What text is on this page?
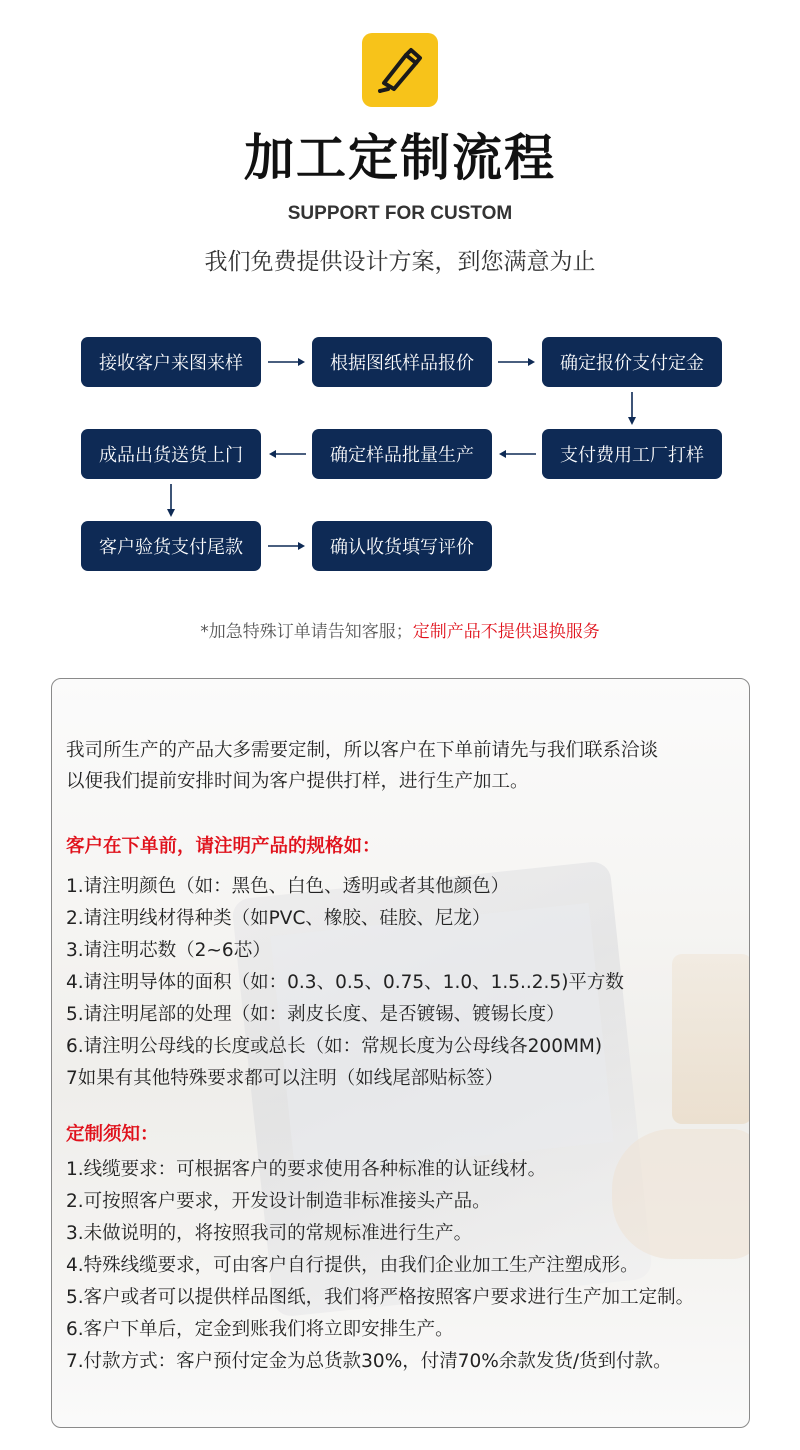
加工定制流程
SUPPORT FOR CUSTOM
我们免费提供设计方案，到您满意为止
接收客户来图来样	根据图纸样品报价	确定报价支付定金
支付费用工厂打样
确定样品批量生产
成品出货送货上门
客户验货支付尾款	确认收货填写评价
*加急特殊订单请告知客服；定制产品不提供退换服务
我司所生产的产品大多需要定制，所以客户在下单前请先与我们联系洽谈
以便我们提前安排时间为客户提供打样，进行生产加工。
客户在下单前，请注明产品的规格如：
1.请注明颜色（如：黑色、白色、透明或者其他颜色）
2.请注明线材得种类（如PVC、橡胶、硅胶、尼龙）
3.请注明芯数（2~6芯）
4.请注明导体的面积（如：0.3、0.5、0.75、1.0、1.5..2.5)平方数
5.请注明尾部的处理（如：剥皮长度、是否镀锡、镀锡长度）
6.请注明公母线的长度或总长（如：常规长度为公母线各200MM)
7如果有其他特殊要求都可以注明（如线尾部贴标签）
定制须知：
1.线缆要求：可根据客户的要求使用各种标准的认证线材。
2.可按照客户要求，开发设计制造非标准接头产品。
3.未做说明的，将按照我司的常规标准进行生产。
4.特殊线缆要求，可由客户自行提供，由我们企业加工生产注塑成形。
5.客户或者可以提供样品图纸，我们将严格按照客户要求进行生产加工定制。
6.客户下单后，定金到账我们将立即安排生产。
7.付款方式：客户预付定金为总货款30%，付清70%余款发货/货到付款。
